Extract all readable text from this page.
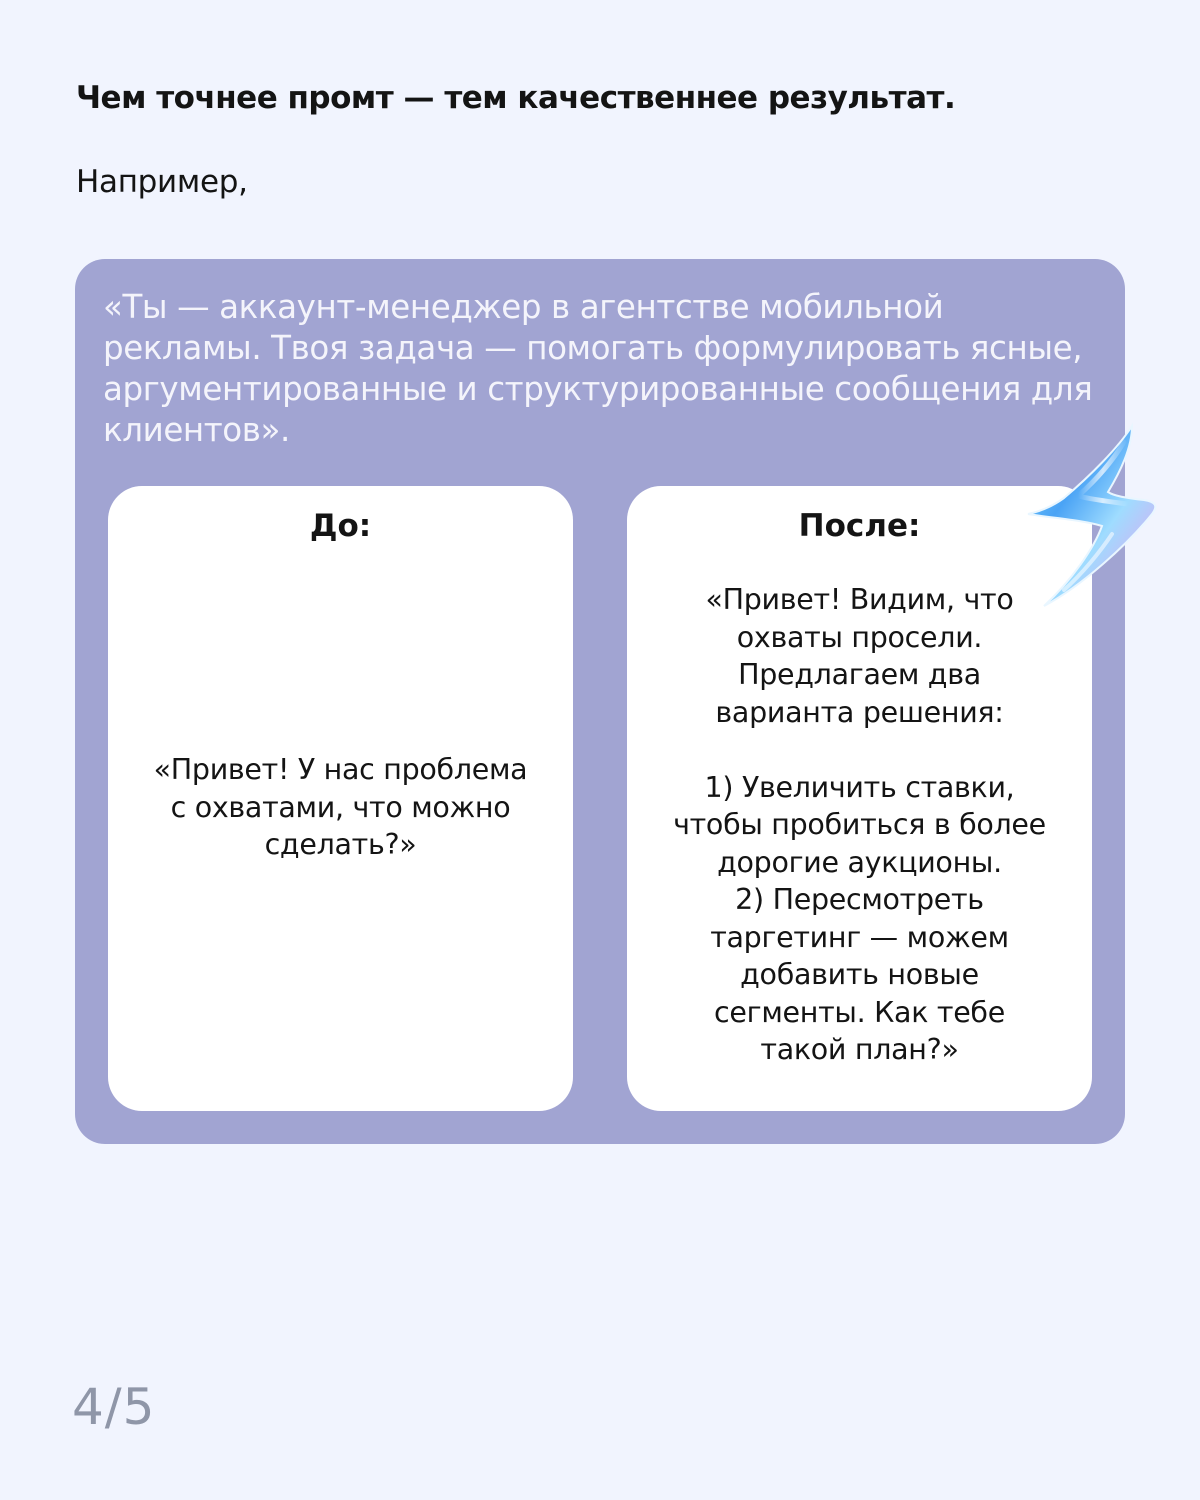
Чем точнее промт — тем качественнее результат.

Например,

«Ты — аккаунт-менеджер в агентстве мобильной рекламы. Твоя задача — помогать формулировать ясные, аргументированные и структурированные сообщения для клиентов».

До:

«Привет! У нас проблема
с охватами, что можно
сделать?»

После:

«Привет! Видим, что
охваты просели.
Предлагаем два
варианта решения:

1) Увеличить ставки,
чтобы пробиться в более
дорогие аукционы.
2) Пересмотреть
таргетинг — можем
добавить новые
сегменты. Как тебе
такой план?»

4/5
